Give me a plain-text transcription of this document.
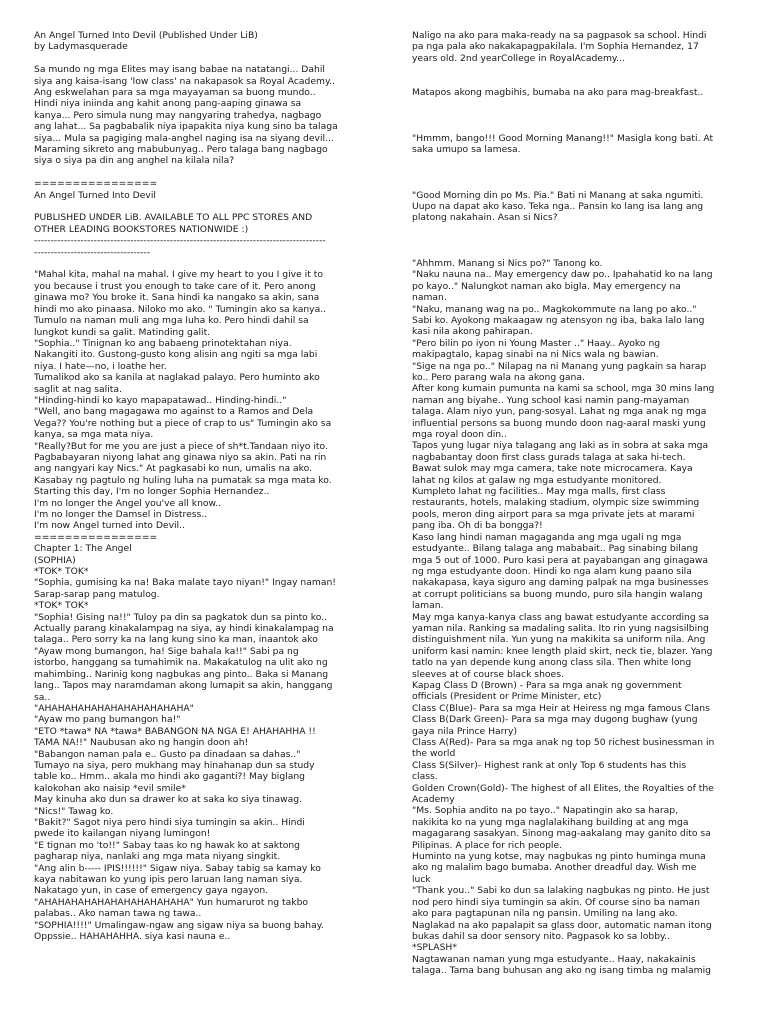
An Angel Turned Into Devil (Published Under LiB)
by Ladymasquerade
Sa mundo ng mga Elites may isang babae na natatangi... Dahil
siya ang kaisa-isang 'low class' na nakapasok sa Royal Academy..
Ang eskwelahan para sa mga mayayaman sa buong mundo..
Hindi niya iniinda ang kahit anong pang-aaping ginawa sa
kanya... Pero simula nung may nangyaring trahedya, nagbago
ang lahat... Sa pagbabalik niya ipapakita niya kung sino ba talaga
siya... Mula sa pagiging mala-anghel naging isa na siyang devil...
Maraming sikreto ang mabubunyag.. Pero talaga bang nagbago
siya o siya pa din ang anghel na kilala nila?
================
An Angel Turned Into Devil
PUBLISHED UNDER LiB. AVAILABLE TO ALL PPC STORES AND
OTHER LEADING BOOKSTORES NATIONWIDE :)
----------------------------------------------------------------------------------------
-----------------------------------
"Mahal kita, mahal na mahal. I give my heart to you I give it to
you because i trust you enough to take care of it. Pero anong
ginawa mo? You broke it. Sana hindi ka nangako sa akin, sana
hindi mo ako pinaasa. Niloko mo ako. " Tumingin ako sa kanya..
Tumulo na naman muli ang mga luha ko. Pero hindi dahil sa
lungkot kundi sa galit. Matinding galit.
"Sophia.." Tinignan ko ang babaeng prinotektahan niya.
Nakangiti ito. Gustong-gusto kong alisin ang ngiti sa mga labi
niya. I hate—no, i loathe her.
Tumalikod ako sa kanila at naglakad palayo. Pero huminto ako
saglit at nag salita.
"Hinding-hindi ko kayo mapapatawad.. Hinding-hindi.."
"Well, ano bang magagawa mo against to a Ramos and Dela
Vega?? You're nothing but a piece of crap to us" Tumingin ako sa
kanya, sa mga mata niya.
"Really?But for me you are just a piece of sh*t.Tandaan niyo ito.
Pagbabayaran niyong lahat ang ginawa niyo sa akin. Pati na rin
ang nangyari kay Nics." At pagkasabi ko nun, umalis na ako.
Kasabay ng pagtulo ng huling luha na pumatak sa mga mata ko.
Starting this day, I'm no longer Sophia Hernandez..
I'm no longer the Angel you've all know..
I'm no longer the Damsel in Distress..
I'm now Angel turned into Devil..
================
Chapter 1: The Angel
(SOPHIA)
*TOK* TOK*
"Sophia, gumising ka na! Baka malate tayo niyan!" Ingay naman!
Sarap-sarap pang matulog.
*TOK* TOK*
"Sophia! Gising na!!" Tuloy pa din sa pagkatok dun sa pinto ko..
Actually parang kinakalampag na siya, ay hindi kinakalampag na
talaga.. Pero sorry ka na lang kung sino ka man, inaantok ako
"Ayaw mong bumangon, ha! Sige bahala ka!!" Sabi pa ng
istorbo, hanggang sa tumahimik na. Makakatulog na ulit ako ng
mahimbing.. Narinig kong nagbukas ang pinto.. Baka si Manang
lang.. Tapos may naramdaman akong lumapit sa akin, hanggang
sa..
"AHAHAHAHAHAHAHAHAHAHAHA"
"Ayaw mo pang bumangon ha!"
"ETO *tawa* NA *tawa* BABANGON NA NGA E! AHAHAHHA !!
TAMA NA!!" Naubusan ako ng hangin doon ah!
"Babangon naman pala e.. Gusto pa dinadaan sa dahas.."
Tumayo na siya, pero mukhang may hinahanap dun sa study
table ko.. Hmm.. akala mo hindi ako gaganti?! May biglang
kalokohan ako naisip *evil smile*
May kinuha ako dun sa drawer ko at saka ko siya tinawag.
"Nics!" Tawag ko.
"Bakit?" Sagot niya pero hindi siya tumingin sa akin.. Hindi
pwede ito kailangan niyang lumingon!
"E tignan mo 'to!!" Sabay taas ko ng hawak ko at saktong
pagharap niya, nanlaki ang mga mata niyang singkit.
"Ang alin b----- IPIS!!!!!!" Sigaw niya. Sabay tabig sa kamay ko
kaya nabitawan ko yung ipis pero laruan lang naman siya.
Nakatago yun, in case of emergency gaya ngayon.
"AHAHAHAHAHAHAHAHAHAHAHA" Yun humarurot ng takbo
palabas.. Ako naman tawa ng tawa..
"SOPHIA!!!!" Umalingaw-ngaw ang sigaw niya sa buong bahay.
Oppssie.. HAHAHAHHA. siya kasi nauna e..
Naligo na ako para maka-ready na sa pagpasok sa school. Hindi
pa nga pala ako nakakapagpakilala. I'm Sophia Hernandez, 17
years old. 2nd yearCollege in RoyalAcademy...
Matapos akong magbihis, bumaba na ako para mag-breakfast..
"Hmmm, bango!!! Good Morning Manang!!" Masigla kong bati. At
saka umupo sa lamesa.
"Good Morning din po Ms. Pia." Bati ni Manang at saka ngumiti.
Uupo na dapat ako kaso. Teka nga.. Pansin ko lang isa lang ang
platong nakahain. Asan si Nics?
"Ahhmm. Manang si Nics po?" Tanong ko.
"Naku nauna na.. May emergency daw po.. Ipahahatid ko na lang
po kayo.." Nalungkot naman ako bigla. May emergency na
naman.
"Naku, manang wag na po.. Magkokommute na lang po ako.."
Sabi ko. Ayokong makaagaw ng atensyon ng iba, baka lalo lang
kasi nila akong pahirapan.
"Pero bilin po iyon ni Young Master .." Haay.. Ayoko ng
makipagtalo, kapag sinabi na ni Nics wala ng bawian.
"Sige na nga po.." Nilapag na ni Manang yung pagkain sa harap
ko.. Pero parang wala na akong gana.
After kong kumain pumunta na kami sa school, mga 30 mins lang
naman ang biyahe.. Yung school kasi namin pang-mayaman
talaga. Alam niyo yun, pang-sosyal. Lahat ng mga anak ng mga
influential persons sa buong mundo doon nag-aaral maski yung
mga royal doon din..
Tapos yung lugar niya talagang ang laki as in sobra at saka mga
nagbabantay doon first class gurads talaga at saka hi-tech.
Bawat sulok may mga camera, take note microcamera. Kaya
lahat ng kilos at galaw ng mga estudyante monitored.
Kumpleto lahat ng facilities.. May mga malls, first class
restaurants, hotels, malaking stadium, olympic size swimming
pools, meron ding airport para sa mga private jets at marami
pang iba. Oh di ba bongga?!
Kaso lang hindi naman magaganda ang mga ugali ng mga
estudyante.. Bilang talaga ang mababait.. Pag sinabing bilang
mga 5 out of 1000. Puro kasi pera at payabangan ang ginagawa
ng mga estudyante doon. Hindi ko nga alam kung paano sila
nakakapasa, kaya siguro ang daming palpak na mga businesses
at corrupt politicians sa buong mundo, puro sila hangin walang
laman.
May mga kanya-kanya class ang bawat estudyante according sa
yaman nila. Ranking sa madaling salita. Ito rin yung nagsisilbing
distinguishment nila. Yun yung na makikita sa uniform nila. Ang
uniform kasi namin: knee length plaid skirt, neck tie, blazer. Yang
tatlo na yan depende kung anong class sila. Then white long
sleeves at of course black shoes.
Kapag Class D (Brown) - Para sa mga anak ng government
officials (President or Prime Minister, etc)
Class C(Blue)- Para sa mga Heir at Heiress ng mga famous Clans
Class B(Dark Green)- Para sa mga may dugong bughaw (yung
gaya nila Prince Harry)
Class A(Red)- Para sa mga anak ng top 50 richest businessman in
the world
Class S(Silver)- Highest rank at only Top 6 students has this
class.
Golden Crown(Gold)- The highest of all Elites, the Royalties of the
Academy
"Ms. Sophia andito na po tayo.." Napatingin ako sa harap,
nakikita ko na yung mga naglalakihang building at ang mga
magagarang sasakyan. Sinong mag-aakalang may ganito dito sa
Pilipinas. A place for rich people.
Huminto na yung kotse, may nagbukas ng pinto huminga muna
ako ng malalim bago bumaba. Another dreadful day. Wish me
luck
"Thank you.." Sabi ko dun sa lalaking nagbukas ng pinto. He just
nod pero hindi siya tumingin sa akin. Of course sino ba naman
ako para pagtapunan nila ng pansin. Umiling na lang ako.
Naglakad na ako papalapit sa glass door, automatic naman itong
bukas dahil sa door sensory nito. Pagpasok ko sa lobby..
*SPLASH*
Nagtawanan naman yung mga estudyante.. Haay, nakakainis
talaga.. Tama bang buhusan ang ako ng isang timba ng malamig
